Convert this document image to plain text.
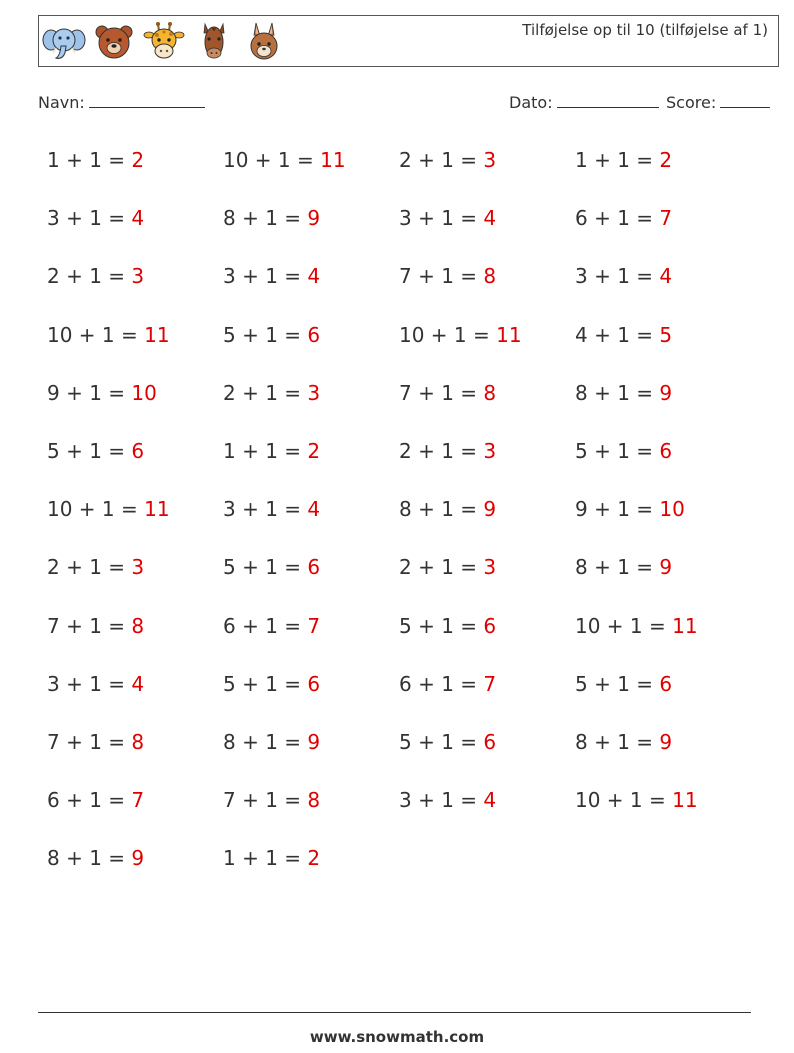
Tilføjelse op til 10 (tilføjelse af 1)
Navn:	Dato:	Score:
1 + 1 = 2
3 + 1 = 4
2 + 1 = 3
10 + 1 = 11
9 + 1 = 10
5 + 1 = 6
10 + 1 = 11
2 + 1 = 3
7 + 1 = 8
3 + 1 = 4
7 + 1 = 8
6 + 1 = 7
8 + 1 = 9
10 + 1 = 11
8 + 1 = 9
3 + 1 = 4
5 + 1 = 6
2 + 1 = 3
1 + 1 = 2
3 + 1 = 4
5 + 1 = 6
6 + 1 = 7
5 + 1 = 6
8 + 1 = 9
7 + 1 = 8
1 + 1 = 2
2 + 1 = 3
3 + 1 = 4
7 + 1 = 8
10 + 1 = 11
7 + 1 = 8
2 + 1 = 3
8 + 1 = 9
2 + 1 = 3
5 + 1 = 6
6 + 1 = 7
5 + 1 = 6
3 + 1 = 4
1 + 1 = 2
6 + 1 = 7
3 + 1 = 4
4 + 1 = 5
8 + 1 = 9
5 + 1 = 6
9 + 1 = 10
8 + 1 = 9
10 + 1 = 11
5 + 1 = 6
8 + 1 = 9
10 + 1 = 11
www.snowmath.com
